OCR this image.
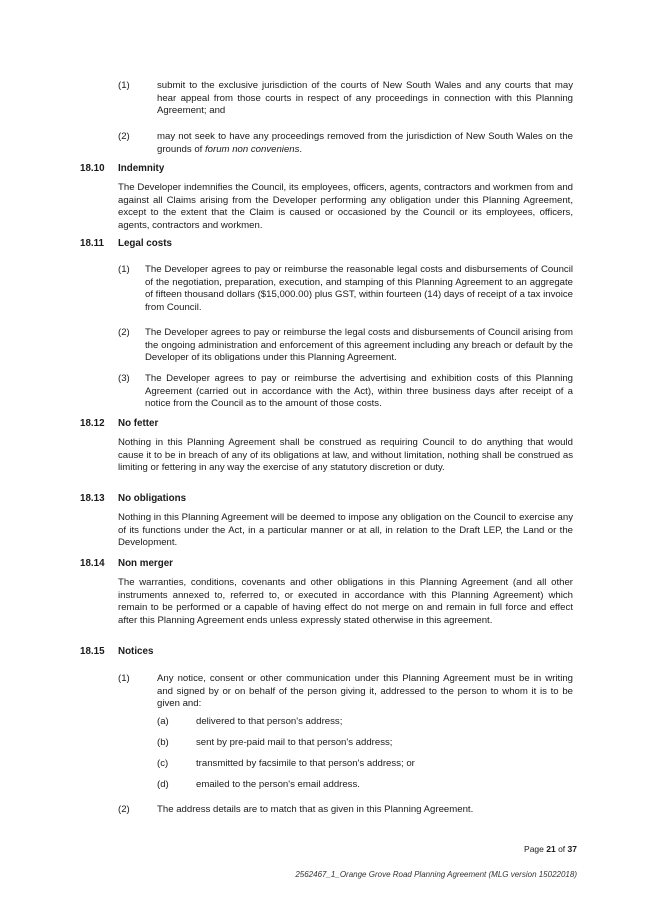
(1)	submit to the exclusive jurisdiction of the courts of New South Wales and any courts that may hear appeal from those courts in respect of any proceedings in connection with this Planning Agreement; and
(2)	may not seek to have any proceedings removed from the jurisdiction of New South Wales on the grounds of forum non conveniens.
18.10 Indemnity
The Developer indemnifies the Council, its employees, officers, agents, contractors and workmen from and against all Claims arising from the Developer performing any obligation under this Planning Agreement, except to the extent that the Claim is caused or occasioned by the Council or its employees, officers, agents, contractors and workmen.
18.11 Legal costs
(1) The Developer agrees to pay or reimburse the reasonable legal costs and disbursements of Council of the negotiation, preparation, execution, and stamping of this Planning Agreement to an aggregate of fifteen thousand dollars ($15,000.00) plus GST, within fourteen (14) days of receipt of a tax invoice from Council.
(2) The Developer agrees to pay or reimburse the legal costs and disbursements of Council arising from the ongoing administration and enforcement of this agreement including any breach or default by the Developer of its obligations under this Planning Agreement.
(3) The Developer agrees to pay or reimburse the advertising and exhibition costs of this Planning Agreement (carried out in accordance with the Act), within three business days after receipt of a notice from the Council as to the amount of those costs.
18.12 No fetter
Nothing in this Planning Agreement shall be construed as requiring Council to do anything that would cause it to be in breach of any of its obligations at law, and without limitation, nothing shall be construed as limiting or fettering in any way the exercise of any statutory discretion or duty.
18.13 No obligations
Nothing in this Planning Agreement will be deemed to impose any obligation on the Council to exercise any of its functions under the Act, in a particular manner or at all, in relation to the Draft LEP, the Land or the Development.
18.14 Non merger
The warranties, conditions, covenants and other obligations in this Planning Agreement (and all other instruments annexed to, referred to, or executed in accordance with this Planning Agreement) which remain to be performed or a capable of having effect do not merge on and remain in full force and effect after this Planning Agreement ends unless expressly stated otherwise in this agreement.
18.15 Notices
(1)	Any notice, consent or other communication under this Planning Agreement must be in writing and signed by or on behalf of the person giving it, addressed to the person to whom it is to be given and:
(a)	delivered to that person's address;
(b)	sent by pre-paid mail to that person's address;
(c)	transmitted by facsimile to that person's address; or
(d)	emailed to the person's email address.
(2)	The address details are to match that as given in this Planning Agreement.
Page 21 of 37
2562467_1_Orange Grove Road Planning Agreement (MLG version 15022018)
